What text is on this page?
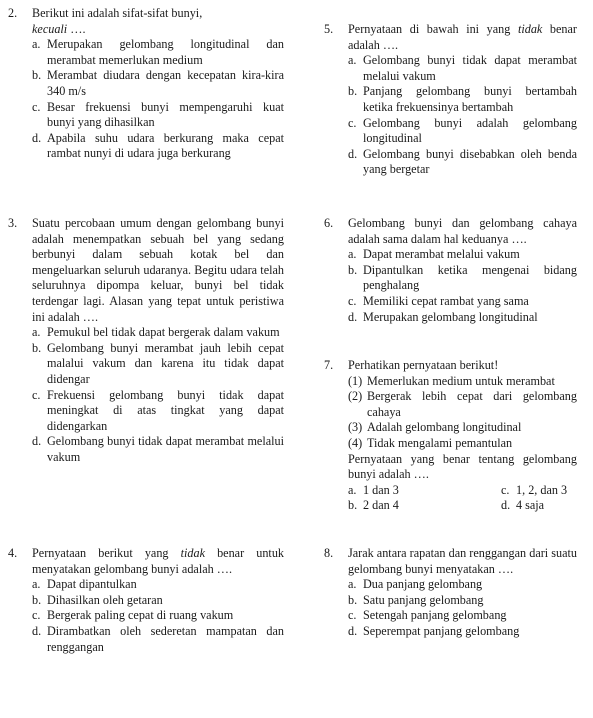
2. Berikut ini adalah sifat-sifat bunyi,
kecuali ….
a. Merupakan gelombang longitudinal dan merambat memerlukan medium
b. Merambat diudara dengan kecepatan kira-kira 340 m/s
c. Besar frekuensi bunyi mempengaruhi kuat bunyi yang dihasilkan
d. Apabila suhu udara berkurang maka cepat rambat nunyi di udara juga berkurang
3. Suatu percobaan umum dengan gelombang bunyi adalah menempatkan sebuah bel yang sedang berbunyi dalam sebuah kotak bel dan mengeluarkan seluruh udaranya. Begitu udara telah seluruhnya dipompa keluar, bunyi bel tidak terdengar lagi. Alasan yang tepat untuk peristiwa ini adalah ….
a. Pemukul bel tidak dapat bergerak dalam vakum
b. Gelombang bunyi merambat jauh lebih cepat malalui vakum dan karena itu tidak dapat didengar
c. Frekuensi gelombang bunyi tidak dapat meningkat di atas tingkat yang dapat didengarkan
d. Gelombang bunyi tidak dapat merambat melalui vakum
4. Pernyataan berikut yang tidak benar untuk menyatakan gelombang bunyi adalah ….
a. Dapat dipantulkan
b. Dihasilkan oleh getaran
c. Bergerak paling cepat di ruang vakum
d. Dirambatkan oleh sederetan mampatan dan renggangan
5. Pernyataan di bawah ini yang tidak benar adalah ….
a. Gelombang bunyi tidak dapat merambat melalui vakum
b. Panjang gelombang bunyi bertambah ketika frekuensinya bertambah
c. Gelombang bunyi adalah gelombang longitudinal
d. Gelombang bunyi disebabkan oleh benda yang bergetar
6. Gelombang bunyi dan gelombang cahaya adalah sama dalam hal keduanya ….
a. Dapat merambat melalui vakum
b. Dipantulkan ketika mengenai bidang penghalang
c. Memiliki cepat rambat yang sama
d. Merupakan gelombang longitudinal
7. Perhatikan pernyataan berikut!
(1) Memerlukan medium untuk merambat
(2) Bergerak lebih cepat dari gelombang cahaya
(3) Adalah gelombang longitudinal
(4) Tidak mengalami pemantulan
Pernyataan yang benar tentang gelombang bunyi adalah ….
a. 1 dan 3	c. 1, 2, dan 3
b. 2 dan 4	d. 4 saja
8. Jarak antara rapatan dan renggangan dari suatu gelombang bunyi menyatakan ….
a. Dua panjang gelombang
b. Satu panjang gelombang
c. Setengah panjang gelombang
d. Seperempat panjang gelombang
